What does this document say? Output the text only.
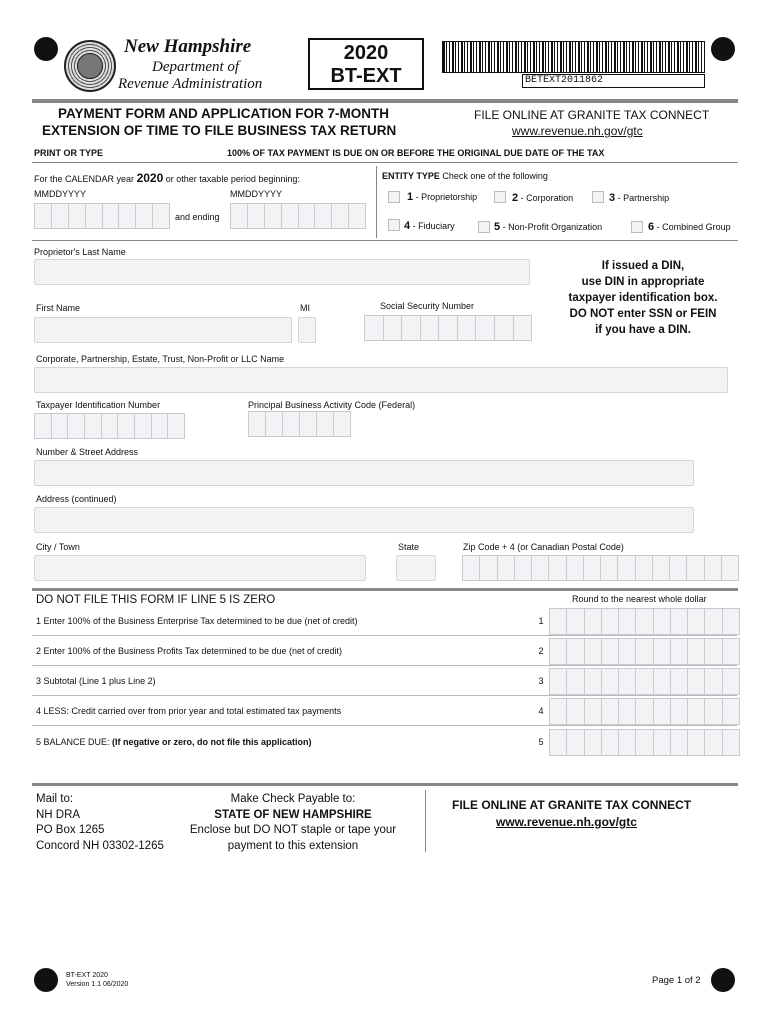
New Hampshire
Department of
Revenue Administration
2020
BT-EXT	BETEXT2011862
PAYMENT FORM AND APPLICATION FOR 7-MONTH
EXTENSION OF TIME TO FILE BUSINESS TAX RETURN
FILE ONLINE AT GRANITE TAX CONNECT
www.revenue.nh.gov/gtc
PRINT OR TYPE	100% OF TAX PAYMENT IS DUE ON OR BEFORE THE ORIGINAL DUE DATE OF THE TAX
For the CALENDAR year 2020 or other taxable period beginning:
MMDDYYYY	MMDDYYYY
and ending
ENTITY TYPE Check one of the following
1 - Proprietorship	2 - Corporation	3 - Partnership
4 - Fiduciary	5 - Non-Profit Organization	6 - Combined Group
Proprietor's Last Name
If issued a DIN,
use DIN in appropriate
taxpayer identification box.
DO NOT enter SSN or FEIN
if you have a DIN.
First Name	MI	Social Security Number
Corporate, Partnership, Estate, Trust, Non-Profit or LLC Name
Taxpayer Identification Number	Principal Business Activity Code (Federal)
Number & Street Address
Address (continued)
City / Town	State	Zip Code + 4 (or Canadian Postal Code)
DO NOT FILE THIS FORM IF LINE 5 IS ZERO	Round to the nearest whole dollar
1 Enter 100% of the Business Enterprise Tax determined to be due (net of credit)	1
2 Enter 100% of the Business Profits Tax determined to be due (net of credit)	2
3 Subtotal (Line 1 plus Line 2)	3
4 LESS: Credit carried over from prior year and total estimated tax payments	4
5 BALANCE DUE: (If negative or zero, do not file this application)	5
Mail to:
NH DRA
PO Box 1265
Concord NH 03302-1265
Make Check Payable to:
STATE OF NEW HAMPSHIRE
Enclose but DO NOT staple or tape your
payment to this extension
FILE ONLINE AT GRANITE TAX CONNECT
www.revenue.nh.gov/gtc
BT-EXT 2020
Version 1.1 06/2020	Page 1 of 2
